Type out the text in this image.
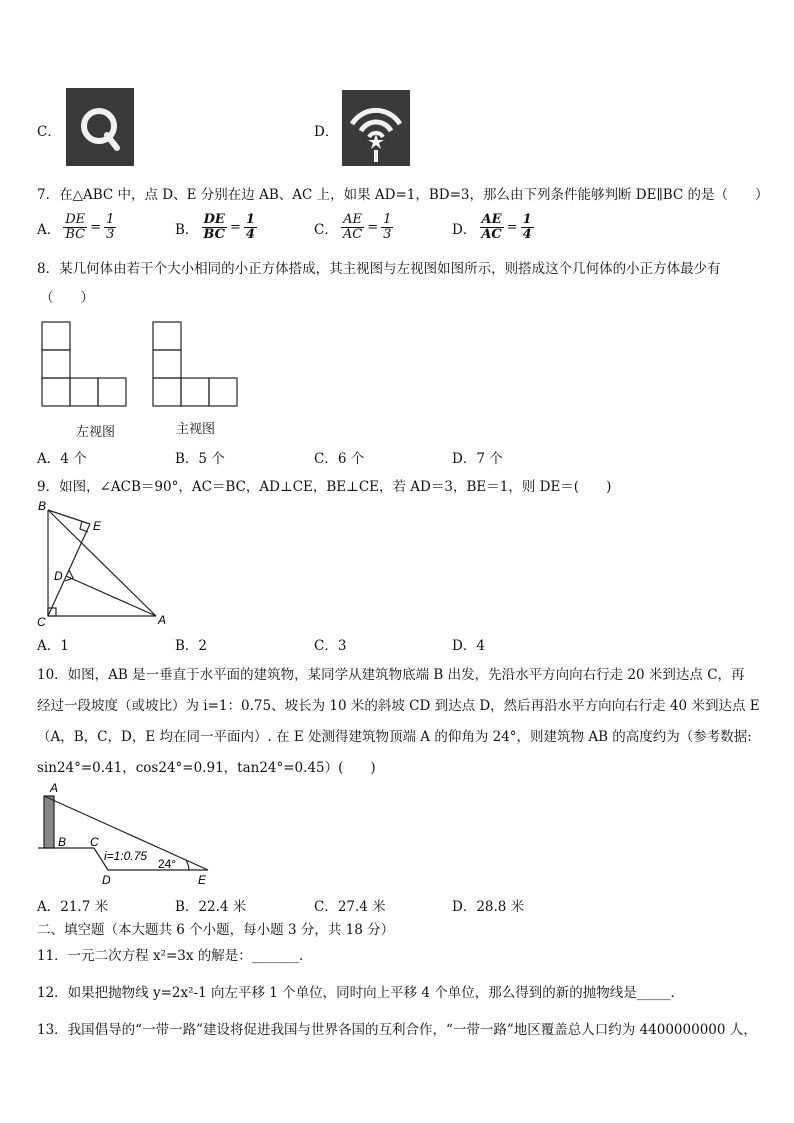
C．	D．
7．在△ABC 中，点 D、E 分别在边 AB、AC 上，如果 AD=1，BD=3，那么由下列条件能够判断 DE∥BC 的是（　　）
A． $\frac{DE}{BC} = \frac{1}{3}$	B． $\frac{DE}{BC} = \frac{1}{4}$	C． $\frac{AE}{AC} = \frac{1}{3}$	D． $\frac{AE}{AC} = \frac{1}{4}$
8．某几何体由若干个大小相同的小正方体搭成，其主视图与左视图如图所示，则搭成这个几何体的小正方体最少有
（　　）
左视图	主视图
A．4 个	B．5 个	C．6 个	D．7 个
9．如图，∠ACB＝90°，AC＝BC，AD⊥CE，BE⊥CE，若 AD＝3，BE＝1，则 DE＝(　　)
B
E
D
C	A
A．1	B．2	C．3	D．4
10．如图，AB 是一垂直于水平面的建筑物，某同学从建筑物底端 B 出发，先沿水平方向向右行走 20 米到达点 C，再
经过一段坡度（或坡比）为 i=1：0.75、坡长为 10 米的斜坡 CD 到达点 D，然后再沿水平方向向右行走 40 米到达点 E
（A，B，C，D，E 均在同一平面内）. 在 E 处测得建筑物顶端 A 的仰角为 24°，则建筑物 AB 的高度约为（参考数据:
sin24°=0.41，cos24°=0.91，tan24°=0.45）(　　)
A
B C
D	E
i=1:0.75
24°
A．21.7 米	B．22.4 米	C．27.4 米	D．28.8 米
二、填空题（本大题共 6 个小题，每小题 3 分，共 18 分）
11．一元二次方程 x²=3x 的解是：_______．
12．如果把抛物线 y=2x²-1 向左平移 1 个单位，同时向上平移 4 个单位，那么得到的新的抛物线是_____．
13．我国倡导的“一带一路”建设将促进我国与世界各国的互利合作，“一带一路”地区覆盖总人口约为 4400000000 人，
